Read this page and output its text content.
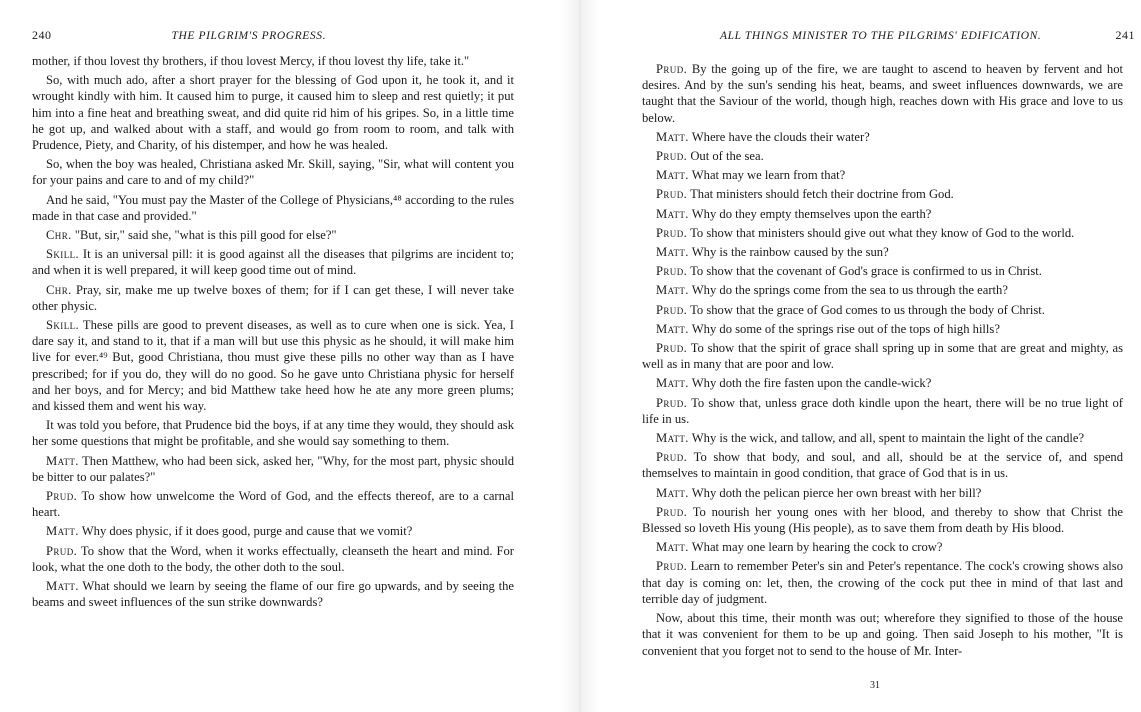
240	THE PILGRIM'S PROGRESS.

mother, if thou lovest thy brothers, if thou lovest Mercy, if thou lovest thy life, take it."

So, with much ado, after a short prayer for the blessing of God upon it, he took it, and it wrought kindly with him. It caused him to purge, it caused him to sleep and rest quietly; it put him into a fine heat and breathing sweat, and did quite rid him of his gripes. So, in a little time he got up, and walked about with a staff, and would go from room to room, and talk with Prudence, Piety, and Charity, of his distemper, and how he was healed.

So, when the boy was healed, Christiana asked Mr. Skill, saying, "Sir, what will content you for your pains and care to and of my child?"

And he said, "You must pay the Master of the College of Physicians,⁴⁸ according to the rules made in that case and provided."

Chr. "But, sir," said she, "what is this pill good for else?"

Skill. It is an universal pill: it is good against all the diseases that pilgrims are incident to; and when it is well prepared, it will keep good time out of mind.

Chr. Pray, sir, make me up twelve boxes of them; for if I can get these, I will never take other physic.

Skill. These pills are good to prevent diseases, as well as to cure when one is sick. Yea, I dare say it, and stand to it, that if a man will but use this physic as he should, it will make him live for ever.⁴⁹ But, good Christiana, thou must give these pills no other way than as I have prescribed; for if you do, they will do no good. So he gave unto Christiana physic for herself and her boys, and for Mercy; and bid Matthew take heed how he ate any more green plums; and kissed them and went his way.

It was told you before, that Prudence bid the boys, if at any time they would, they should ask her some questions that might be profitable, and she would say something to them.

Matt. Then Matthew, who had been sick, asked her, "Why, for the most part, physic should be bitter to our palates?"

Prud. To show how unwelcome the Word of God, and the effects thereof, are to a carnal heart.

Matt. Why does physic, if it does good, purge and cause that we vomit?

Prud. To show that the Word, when it works effectually, cleanseth the heart and mind. For look, what the one doth to the body, the other doth to the soul.

Matt. What should we learn by seeing the flame of our fire go upwards, and by seeing the beams and sweet influences of the sun strike downwards?

ALL THINGS MINISTER TO THE PILGRIMS' EDIFICATION.	241

Prud. By the going up of the fire, we are taught to ascend to heaven by fervent and hot desires. And by the sun's sending his heat, beams, and sweet influences downwards, we are taught that the Saviour of the world, though high, reaches down with His grace and love to us below.

Matt. Where have the clouds their water?

Prud. Out of the sea.

Matt. What may we learn from that?

Prud. That ministers should fetch their doctrine from God.

Matt. Why do they empty themselves upon the earth?

Prud. To show that ministers should give out what they know of God to the world.

Matt. Why is the rainbow caused by the sun?

Prud. To show that the covenant of God's grace is confirmed to us in Christ.

Matt. Why do the springs come from the sea to us through the earth?

Prud. To show that the grace of God comes to us through the body of Christ.

Matt. Why do some of the springs rise out of the tops of high hills?

Prud. To show that the spirit of grace shall spring up in some that are great and mighty, as well as in many that are poor and low.

Matt. Why doth the fire fasten upon the candle-wick?

Prud. To show that, unless grace doth kindle upon the heart, there will be no true light of life in us.

Matt. Why is the wick, and tallow, and all, spent to maintain the light of the candle?

Prud. To show that body, and soul, and all, should be at the service of, and spend themselves to maintain in good condition, that grace of God that is in us.

Matt. Why doth the pelican pierce her own breast with her bill?

Prud. To nourish her young ones with her blood, and thereby to show that Christ the Blessed so loveth His young (His people), as to save them from death by His blood.

Matt. What may one learn by hearing the cock to crow?

Prud. Learn to remember Peter's sin and Peter's repentance. The cock's crowing shows also that day is coming on: let, then, the crowing of the cock put thee in mind of that last and terrible day of judgment.

Now, about this time, their month was out; wherefore they signified to those of the house that it was convenient for them to be up and going. Then said Joseph to his mother, "It is convenient that you forget not to send to the house of Mr. Inter-

31
